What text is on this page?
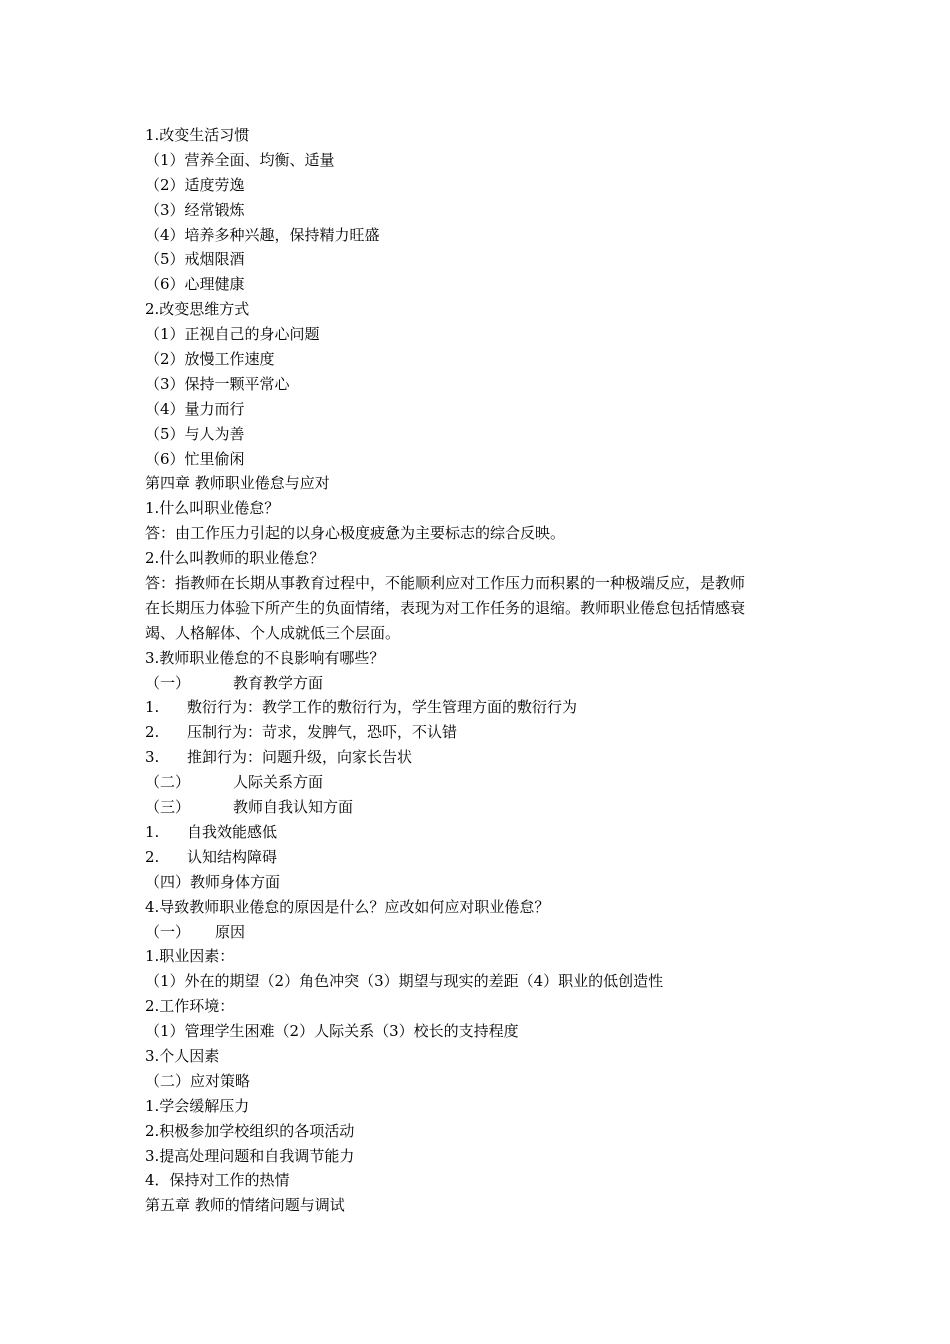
1.改变生活习惯
（1）营养全面、均衡、适量
（2）适度劳逸
（3）经常锻炼
（4）培养多种兴趣，保持精力旺盛
（5）戒烟限酒
（6）心理健康
2.改变思维方式
（1）正视自己的身心问题
（2）放慢工作速度
（3）保持一颗平常心
（4）量力而行
（5）与人为善
（6）忙里偷闲
第四章 教师职业倦怠与应对
1.什么叫职业倦怠？
答：由工作压力引起的以身心极度疲惫为主要标志的综合反映。
2.什么叫教师的职业倦怠？
答：指教师在长期从事教育过程中，不能顺利应对工作压力而积累的一种极端反应，是教师
在长期压力体验下所产生的负面情绪，表现为对工作任务的退缩。教师职业倦怠包括情感衰
竭、人格解体、个人成就低三个层面。
3.教师职业倦怠的不良影响有哪些？
（一）	教育教学方面
1. 敷衍行为：教学工作的敷衍行为，学生管理方面的敷衍行为
2. 压制行为：苛求，发脾气，恐吓，不认错
3. 推卸行为：问题升级，向家长告状
（二）	人际关系方面
（三）	教师自我认知方面
1. 自我效能感低
2. 认知结构障碍
（四）教师身体方面
4.导致教师职业倦怠的原因是什么？应改如何应对职业倦怠？
（一） 原因
1.职业因素：
（1）外在的期望（2）角色冲突（3）期望与现实的差距（4）职业的低创造性
2.工作环境：
（1）管理学生困难（2）人际关系（3）校长的支持程度
3.个人因素
（二）应对策略
1.学会缓解压力
2.积极参加学校组织的各项活动
3.提高处理问题和自我调节能力
4．保持对工作的热情
第五章 教师的情绪问题与调试
